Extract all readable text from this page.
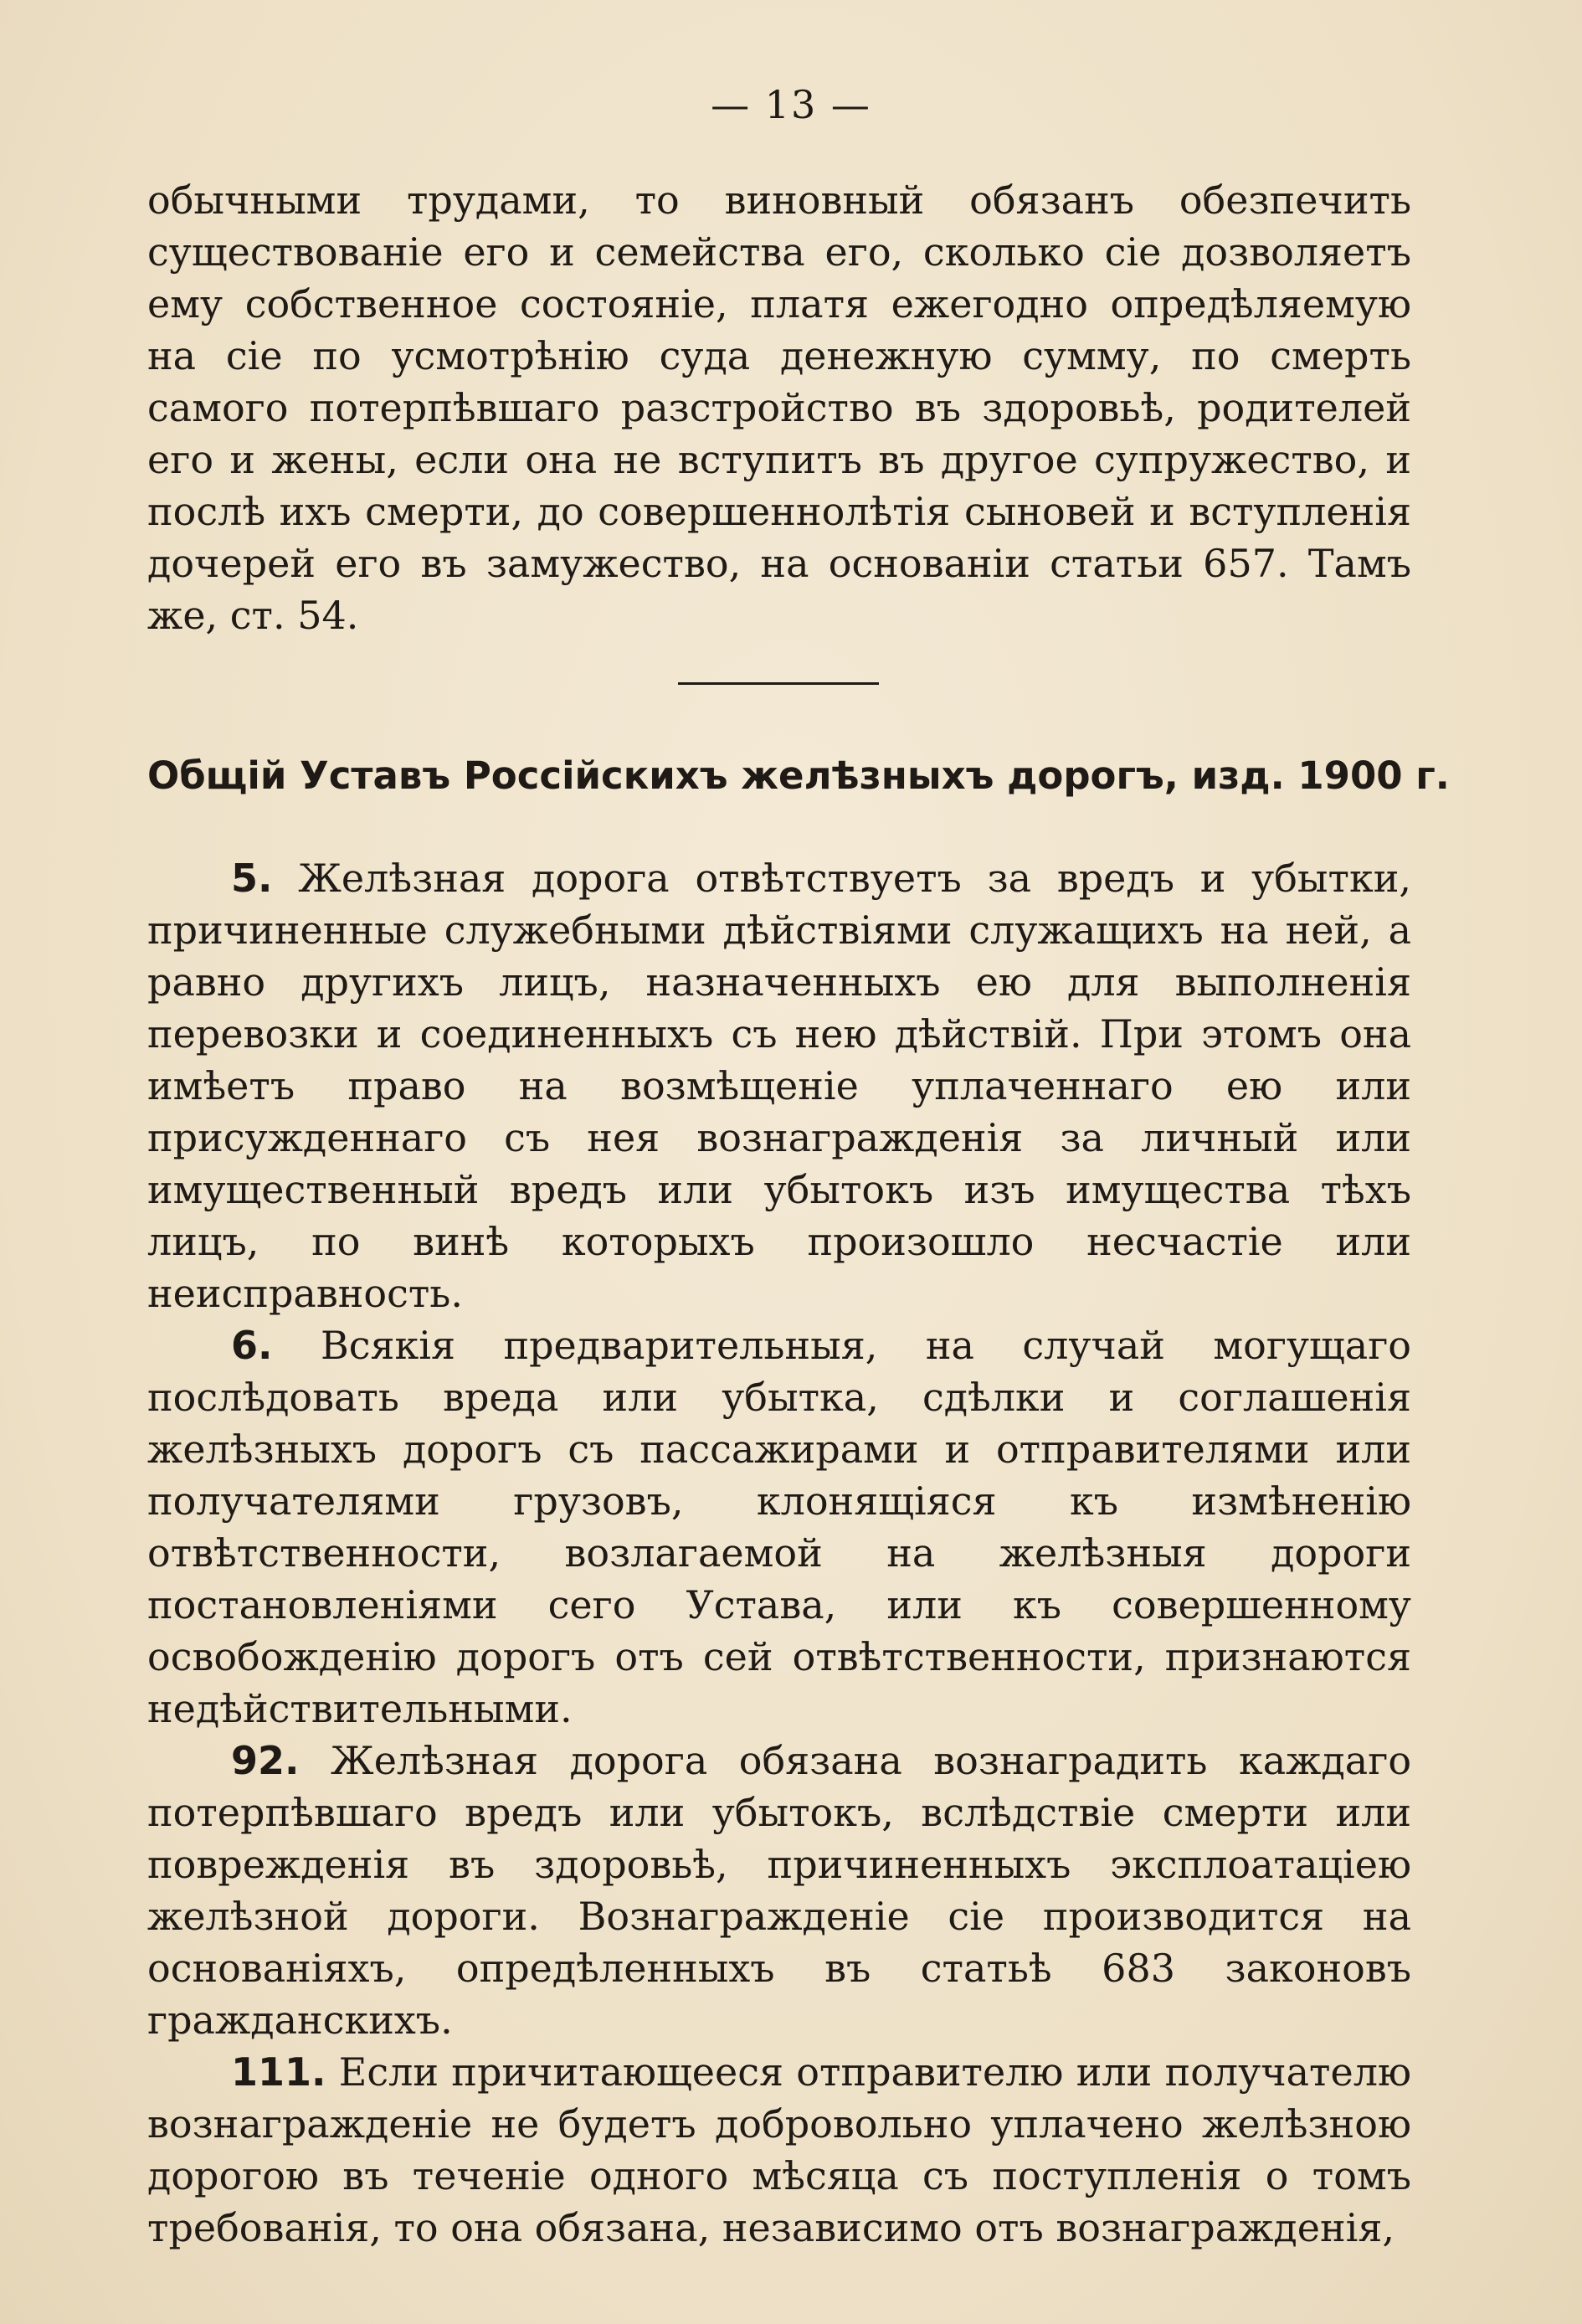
— 13 —

обычными трудами, то виновный обязанъ обезпечить существованіе его и семейства его, сколько сіе дозволяетъ ему собственное состояніе, платя ежегодно опредѣляемую на сіе по усмотрѣнію суда денежную сумму, по смерть самого потерпѣвшаго разстройство въ здоровьѣ, родителей его и жены, если она не вступитъ въ другое супружество, и послѣ ихъ смерти, до совершеннолѣтія сыновей и вступленія дочерей его въ замужество, на основаніи статьи 657. Тамъ же, ст. 54.

Общій Уставъ Россійскихъ желѣзныхъ дорогъ, изд. 1900 г.

5. Желѣзная дорога отвѣтствуетъ за вредъ и убытки, причиненные служебными дѣйствіями служащихъ на ней, а равно другихъ лицъ, назначенныхъ ею для выполненія перевозки и соединенныхъ съ нею дѣйствій. При этомъ она имѣетъ право на возмѣщеніе уплаченнаго ею или присужденнаго съ нея вознагражденія за личный или имущественный вредъ или убытокъ изъ имущества тѣхъ лицъ, по винѣ которыхъ произошло несчастіе или неисправность.

6. Всякія предварительныя, на случай могущаго послѣдовать вреда или убытка, сдѣлки и соглашенія желѣзныхъ дорогъ съ пассажирами и отправителями или получателями грузовъ, клонящіяся къ измѣненію отвѣтственности, возлагаемой на желѣзныя дороги постановленіями сего Устава, или къ совершенному освобожденію дорогъ отъ сей отвѣтственности, признаются недѣйствительными.

92. Желѣзная дорога обязана вознаградить каждаго потерпѣвшаго вредъ или убытокъ, вслѣдствіе смерти или поврежденія въ здоровьѣ, причиненныхъ эксплоатаціею желѣзной дороги. Вознагражденіе сіе производится на основаніяхъ, опредѣленныхъ въ статьѣ 683 законовъ гражданскихъ.

111. Если причитающееся отправителю или получателю вознагражденіе не будетъ добровольно уплачено желѣзною дорогою въ теченіе одного мѣсяца съ поступленія о томъ требованія, то она обязана, независимо отъ вознагражденія,
